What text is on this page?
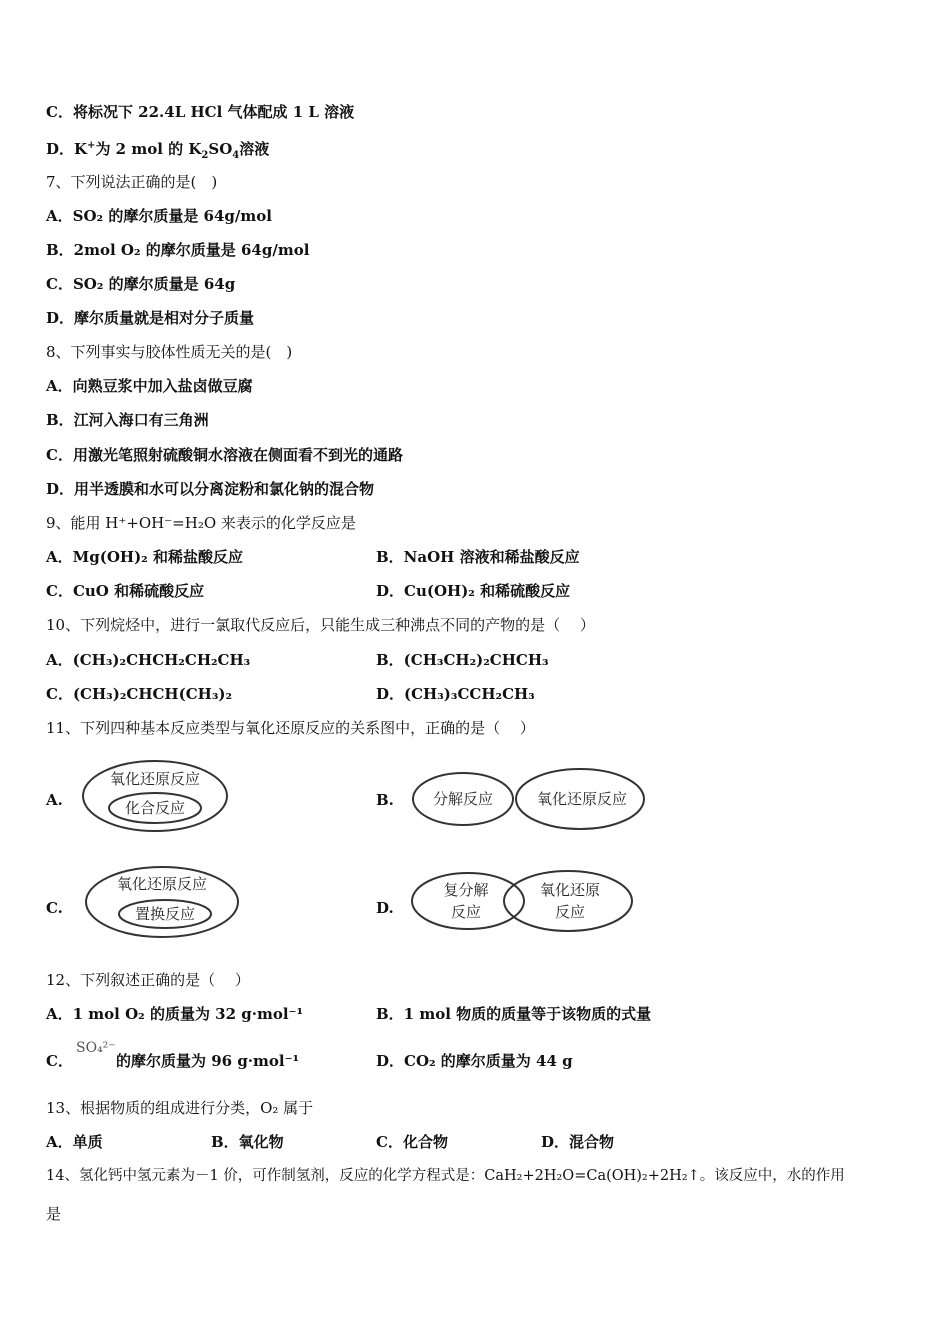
C．将标况下 22.4L HCl 气体配成 1 L 溶液
D．K+为 2 mol 的 $K_2SO_4$溶液
7、下列说法正确的是(　)
A．SO₂ 的摩尔质量是 64g/mol
B．2mol O₂ 的摩尔质量是 64g/mol
C．SO₂ 的摩尔质量是 64g
D．摩尔质量就是相对分子质量
8、下列事实与胶体性质无关的是(　)
A．向熟豆浆中加入盐卤做豆腐
B．江河入海口有三角洲
C．用激光笔照射硫酸铜水溶液在侧面看不到光的通路
D．用半透膜和水可以分离淀粉和氯化钠的混合物
9、能用 H⁺+OH⁻=H₂O 来表示的化学反应是
A．Mg(OH)₂ 和稀盐酸反应	B．NaOH 溶液和稀盐酸反应
C．CuO 和稀硫酸反应	D．Cu(OH)₂ 和稀硫酸反应
10、下列烷烃中，进行一氯取代反应后，只能生成三种沸点不同的产物的是（　 ）
A．(CH₃)₂CHCH₂CH₂CH₃	B．(CH₃CH₂)₂CHCH₃
C．(CH₃)₂CHCH(CH₃)₂	D．(CH₃)₃CCH₂CH₃
11、下列四种基本反应类型与氧化还原反应的关系图中，正确的是（　 ）
A.
氧化还原反应
化合反应	B.	分解反应	氧化还原反应
C.
氧化还原反应
置换反应	D.
复分解
反应
氧化还原
反应
12、下列叙述正确的是（　 ）
A．1 mol O₂ 的质量为 32 g·mol⁻¹	B．1 mol 物质的质量等于该物质的式量
C．
SO₄²⁻
的摩尔质量为 96 g·mol⁻¹	D．CO₂ 的摩尔质量为 44 g
13、根据物质的组成进行分类，O₂ 属于
A．单质	B．氧化物	C．化合物	D．混合物
14、氢化钙中氢元素为－1 价，可作制氢剂，反应的化学方程式是：CaH₂+2H₂O=Ca(OH)₂+2H₂↑。该反应中，水的作用
是
